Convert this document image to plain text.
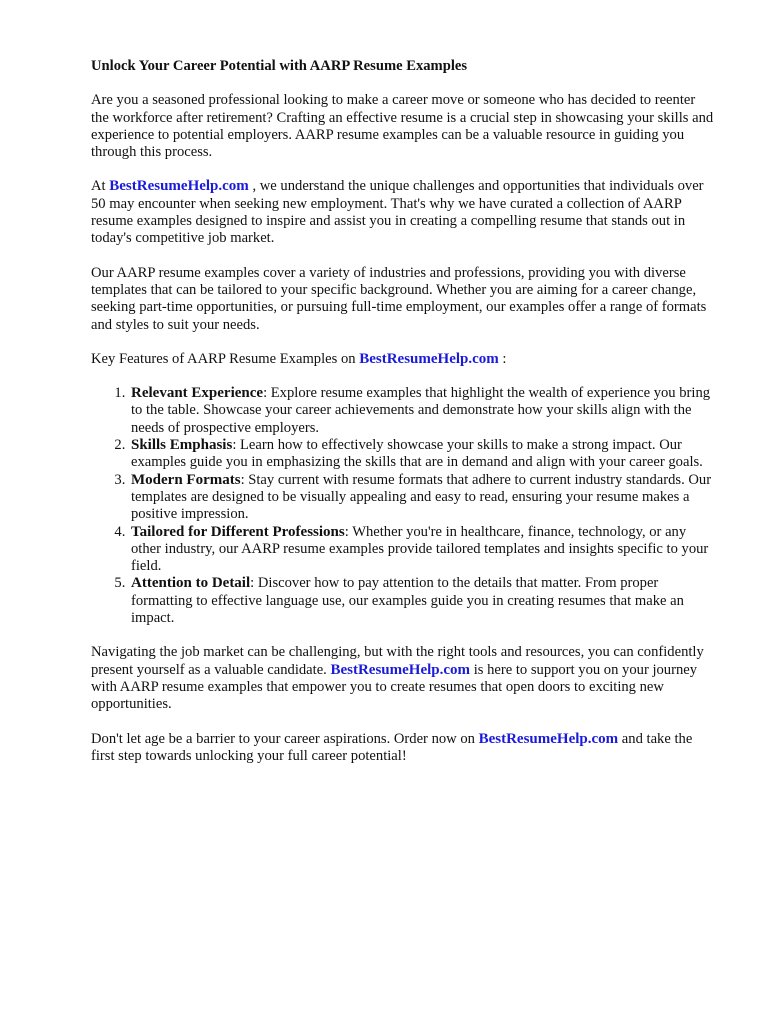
Unlock Your Career Potential with AARP Resume Examples

Are you a seasoned professional looking to make a career move or someone who has decided to reenter the workforce after retirement? Crafting an effective resume is a crucial step in showcasing your skills and experience to potential employers. AARP resume examples can be a valuable resource in guiding you through this process.

At BestResumeHelp.com , we understand the unique challenges and opportunities that individuals over 50 may encounter when seeking new employment. That's why we have curated a collection of AARP resume examples designed to inspire and assist you in creating a compelling resume that stands out in today's competitive job market.

Our AARP resume examples cover a variety of industries and professions, providing you with diverse templates that can be tailored to your specific background. Whether you are aiming for a career change, seeking part-time opportunities, or pursuing full-time employment, our examples offer a range of formats and styles to suit your needs.

Key Features of AARP Resume Examples on BestResumeHelp.com :

1. Relevant Experience: Explore resume examples that highlight the wealth of experience you bring to the table. Showcase your career achievements and demonstrate how your skills align with the needs of prospective employers.
2. Skills Emphasis: Learn how to effectively showcase your skills to make a strong impact. Our examples guide you in emphasizing the skills that are in demand and align with your career goals.
3. Modern Formats: Stay current with resume formats that adhere to current industry standards. Our templates are designed to be visually appealing and easy to read, ensuring your resume makes a positive impression.
4. Tailored for Different Professions: Whether you're in healthcare, finance, technology, or any other industry, our AARP resume examples provide tailored templates and insights specific to your field.
5. Attention to Detail: Discover how to pay attention to the details that matter. From proper formatting to effective language use, our examples guide you in creating resumes that make an impact.

Navigating the job market can be challenging, but with the right tools and resources, you can confidently present yourself as a valuable candidate. BestResumeHelp.com is here to support you on your journey with AARP resume examples that empower you to create resumes that open doors to exciting new opportunities.

Don't let age be a barrier to your career aspirations. Order now on BestResumeHelp.com and take the first step towards unlocking your full career potential!
